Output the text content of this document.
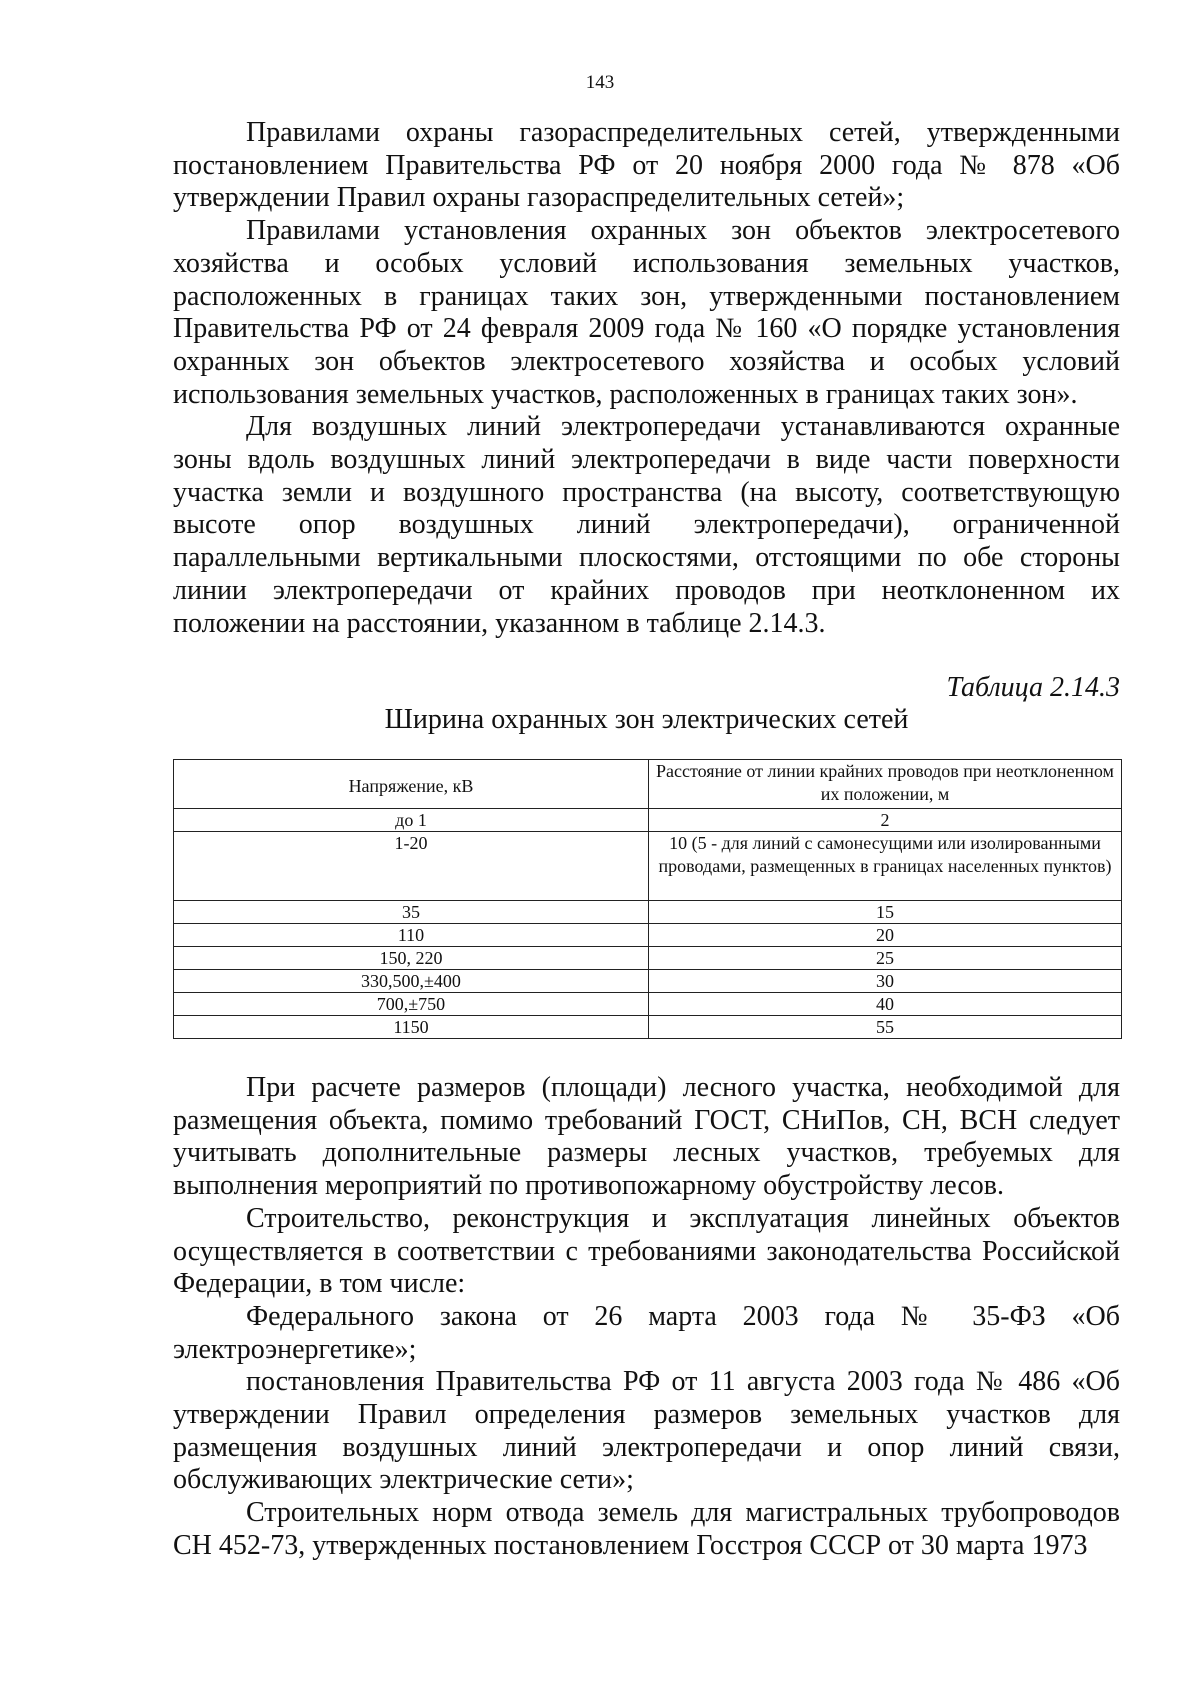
143

Правилами охраны газораспределительных сетей, утвержденными постановлением Правительства РФ от 20 ноября 2000 года № 878 «Об утверждении Правил охраны газораспределительных сетей»;

Правилами установления охранных зон объектов электросетевого хозяйства и особых условий использования земельных участков, расположенных в границах таких зон, утвержденными постановлением Правительства РФ от 24 февраля 2009 года № 160 «О порядке установления охранных зон объектов электросетевого хозяйства и особых условий использования земельных участков, расположенных в границах таких зон».

Для воздушных линий электропередачи устанавливаются охранные зоны вдоль воздушных линий электропередачи в виде части поверхности участка земли и воздушного пространства (на высоту, соответствующую высоте опор воздушных линий электропередачи), ограниченной параллельными вертикальными плоскостями, отстоящими по обе стороны линии электропередачи от крайних проводов при неотклоненном их положении на расстоянии, указанном в таблице 2.14.3.

Таблица 2.14.3
Ширина охранных зон электрических сетей
Напряжение, кВ	Расстояние от линии крайних проводов при неотклоненном их положении, м
до 1	2
1-20	10 (5 - для линий с самонесущими или изолированными проводами, размещенных в границах населенных пунктов)
35	15
110	20
150, 220	25
330,500,±400	30
700,±750	40
1150	55

При расчете размеров (площади) лесного участка, необходимой для размещения объекта, помимо требований ГОСТ, СНиПов, СН, ВСН следует учитывать дополнительные размеры лесных участков, требуемых для выполнения мероприятий по противопожарному обустройству лесов.

Строительство, реконструкция и эксплуатация линейных объектов осуществляется в соответствии с требованиями законодательства Российской Федерации, в том числе:

Федерального закона от 26 марта 2003 года № 35-ФЗ «Об электроэнергетике»;

постановления Правительства РФ от 11 августа 2003 года № 486 «Об утверждении Правил определения размеров земельных участков для размещения воздушных линий электропередачи и опор линий связи, обслуживающих электрические сети»;

Строительных норм отвода земель для магистральных трубопроводов СН 452-73, утвержденных постановлением Госстроя СССР от 30 марта 1973
